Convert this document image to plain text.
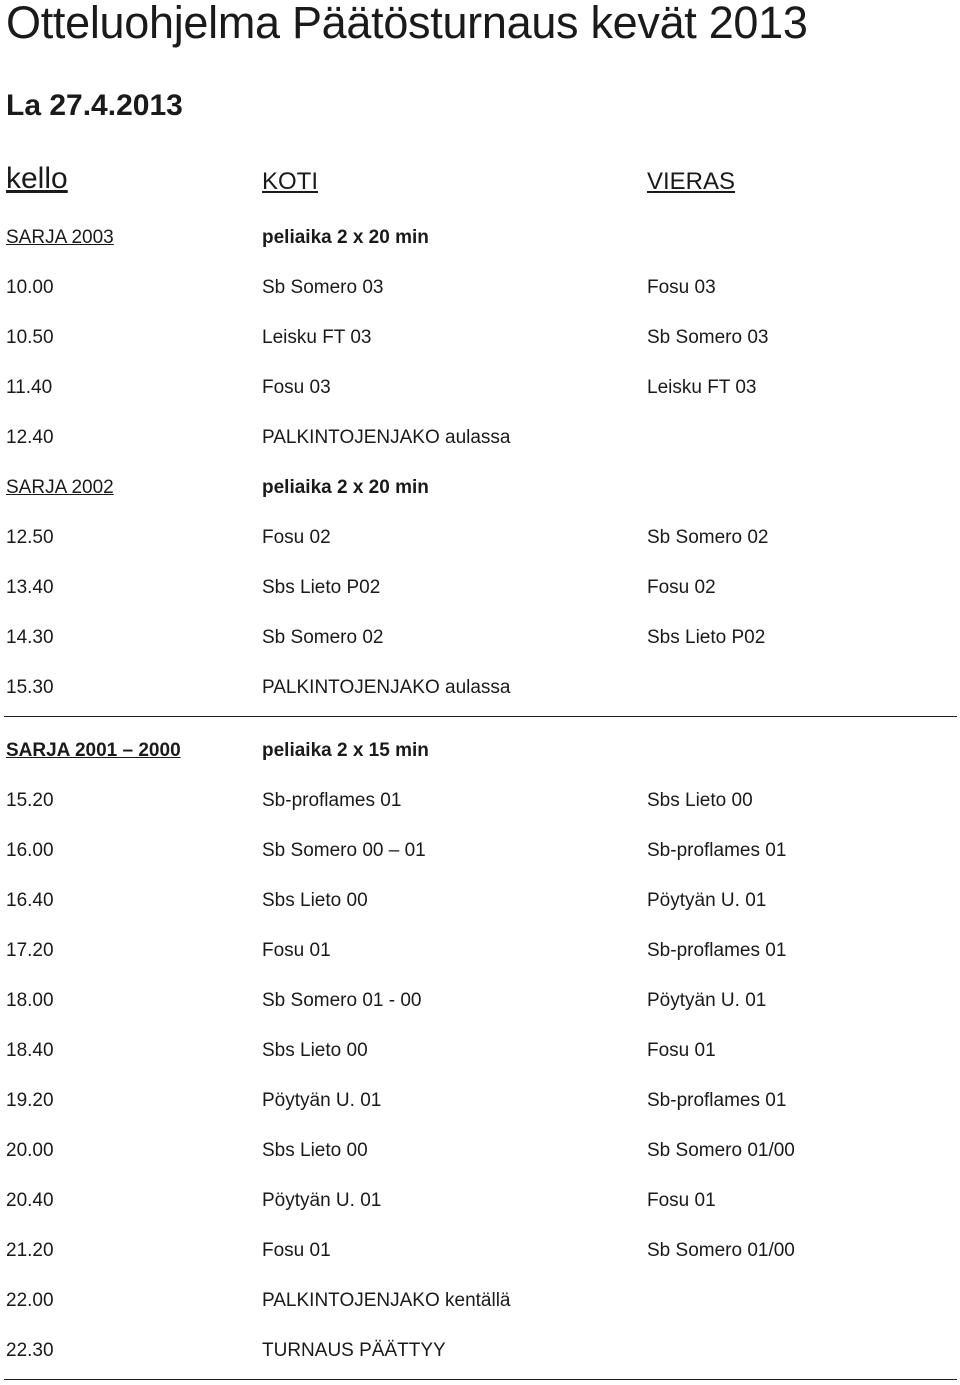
Otteluohjelma Päätösturnaus kevät 2013
La 27.4.2013
kello	KOTI	VIERAS
SARJA 2003	peliaika 2 x 20 min
10.00	Sb Somero 03	Fosu 03
10.50	Leisku FT 03	Sb Somero 03
11.40	Fosu 03	Leisku FT 03
12.40	PALKINTOJENJAKO aulassa
SARJA 2002	peliaika 2 x 20 min
12.50	Fosu 02	Sb Somero 02
13.40	Sbs Lieto P02	Fosu 02
14.30	Sb Somero 02	Sbs Lieto P02
15.30	PALKINTOJENJAKO aulassa
SARJA 2001 – 2000	peliaika 2 x 15 min
15.20	Sb-proflames 01	Sbs Lieto 00
16.00	Sb Somero 00 – 01	Sb-proflames 01
16.40	Sbs Lieto 00	Pöytyän U. 01
17.20	Fosu 01	Sb-proflames 01
18.00	Sb Somero 01 - 00	Pöytyän U. 01
18.40	Sbs Lieto 00	Fosu 01
19.20	Pöytyän U. 01	Sb-proflames 01
20.00	Sbs Lieto 00	Sb Somero 01/00
20.40	Pöytyän U. 01	Fosu 01
21.20	Fosu 01	Sb Somero 01/00
22.00	PALKINTOJENJAKO kentällä
22.30	TURNAUS PÄÄTTYY
